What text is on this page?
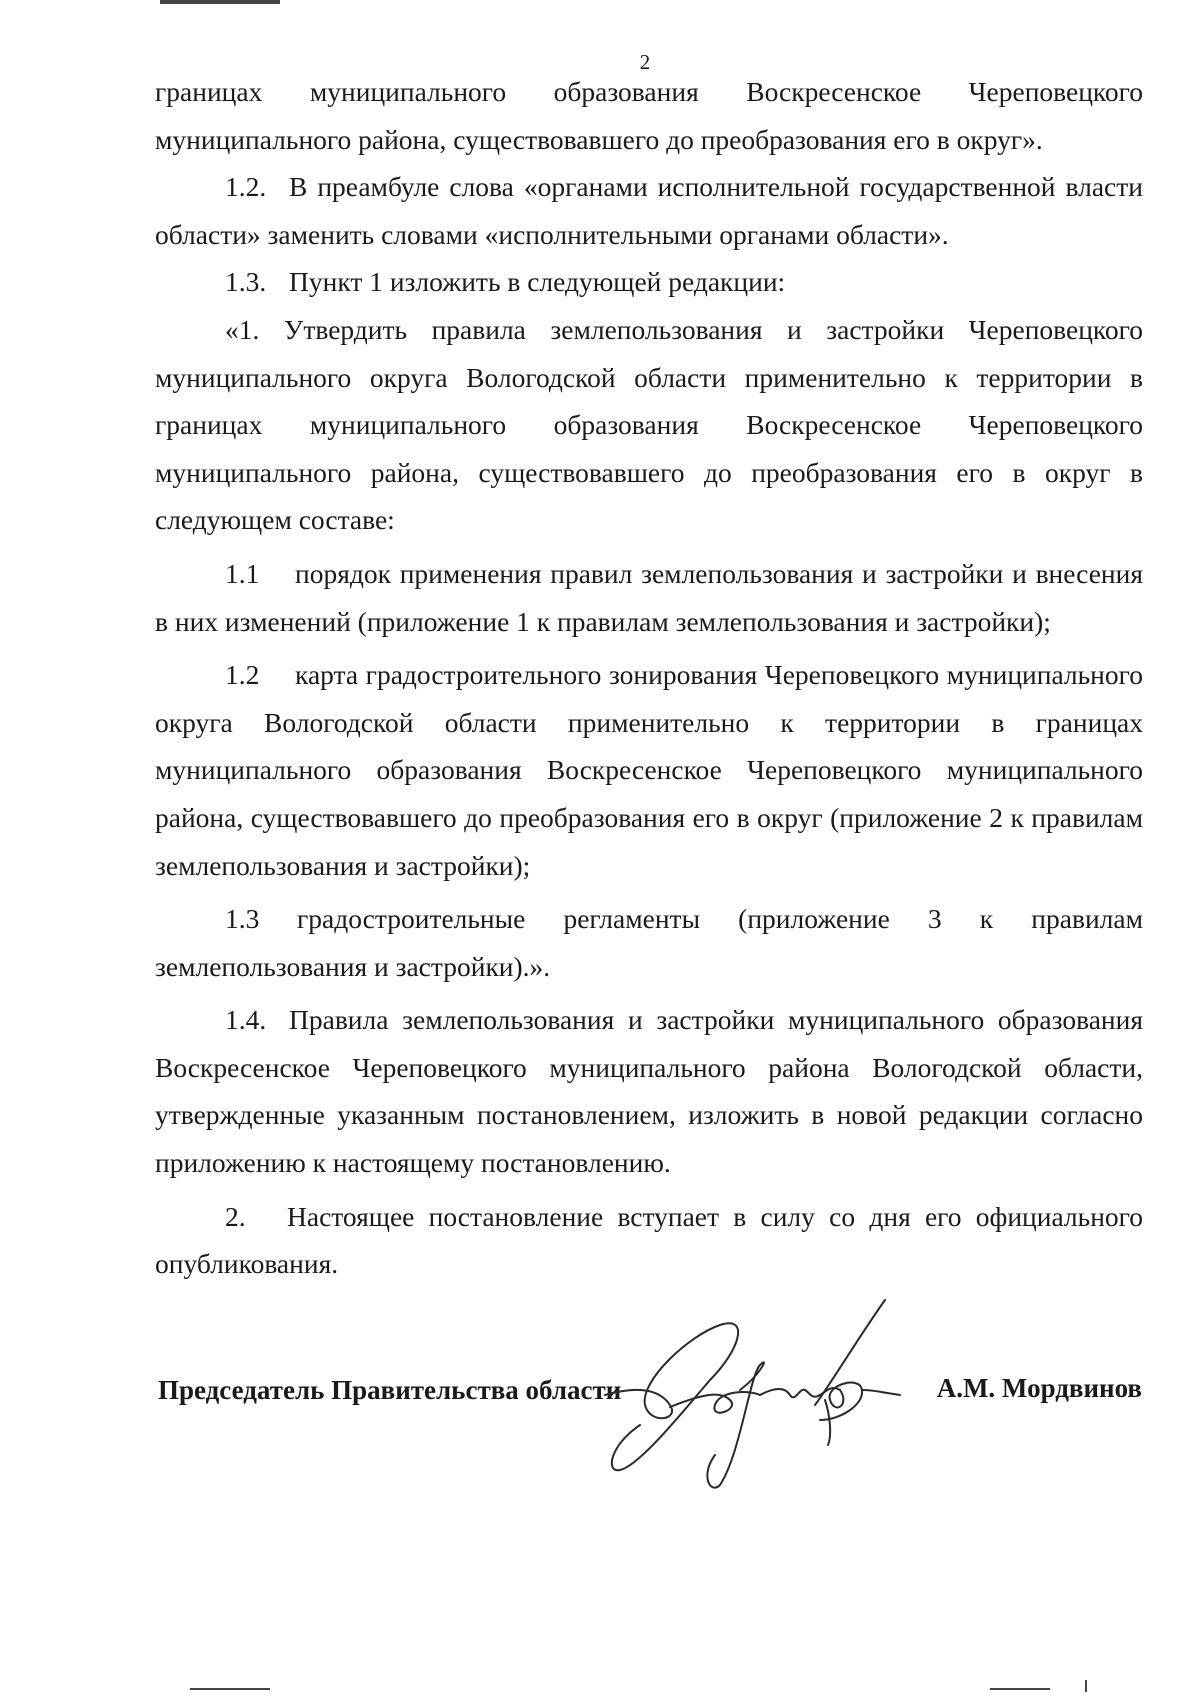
2

границах муниципального образования Воскресенское Череповецкого муниципального района, существовавшего до преобразования его в округ».

1.2. В преамбуле слова «органами исполнительной государственной власти области» заменить словами «исполнительными органами области».

1.3. Пункт 1 изложить в следующей редакции:

«1. Утвердить правила землепользования и застройки Череповецкого муниципального округа Вологодской области применительно к территории в границах муниципального образования Воскресенское Череповецкого муниципального района, существовавшего до преобразования его в округ в следующем составе:

1.1 порядок применения правил землепользования и застройки и внесения в них изменений (приложение 1 к правилам землепользования и застройки);

1.2 карта градостроительного зонирования Череповецкого муниципального округа Вологодской области применительно к территории в границах муниципального образования Воскресенское Череповецкого муниципального района, существовавшего до преобразования его в округ (приложение 2 к правилам землепользования и застройки);

1.3 градостроительные регламенты (приложение 3 к правилам землепользования и застройки).».

1.4. Правила землепользования и застройки муниципального образования Воскресенское Череповецкого муниципального района Вологодской области, утвержденные указанным постановлением, изложить в новой редакции согласно приложению к настоящему постановлению.

2. Настоящее постановление вступает в силу со дня его официального опубликования.

Председатель Правительства области	А.М. Мордвинов
